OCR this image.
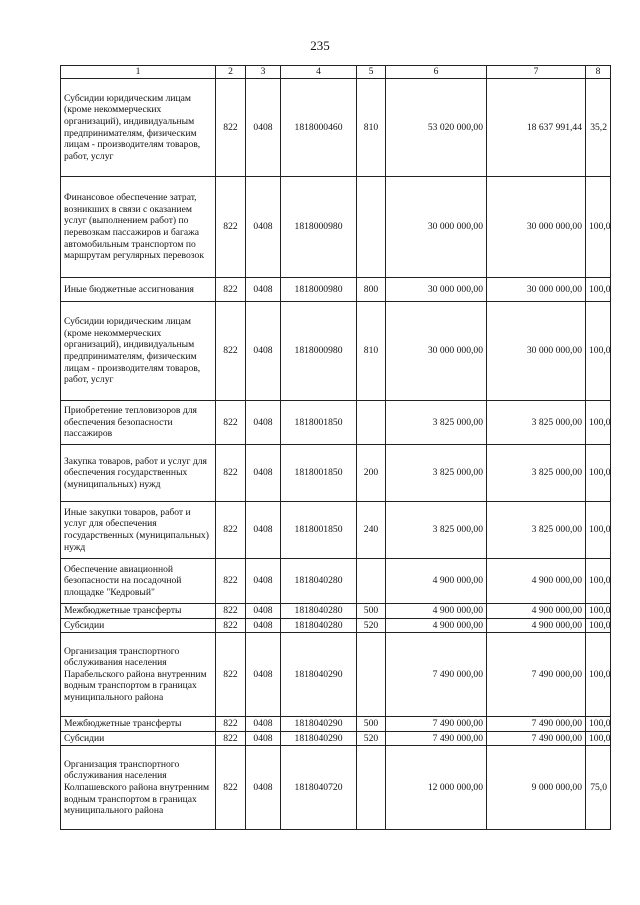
235
1	2	3	4	5	6	7	8
Субсидии юридическим лицам (кроме некоммерческих организаций), индивидуальным предпринимателям, физическим лицам - производителям товаров, работ, услуг	822	0408	1818000460	810	53 020 000,00	18 637 991,44	35,2
Финансовое обеспечение затрат, возникших в связи с оказанием услуг (выполнением работ) по перевозкам пассажиров и багажа автомобильным транспортом по маршрутам регулярных перевозок	822	0408	1818000980		30 000 000,00	30 000 000,00	100,0
Иные бюджетные ассигнования	822	0408	1818000980	800	30 000 000,00	30 000 000,00	100,0
Субсидии юридическим лицам (кроме некоммерческих организаций), индивидуальным предпринимателям, физическим лицам - производителям товаров, работ, услуг	822	0408	1818000980	810	30 000 000,00	30 000 000,00	100,0
Приобретение тепловизоров для обеспечения безопасности пассажиров	822	0408	1818001850		3 825 000,00	3 825 000,00	100,0
Закупка товаров, работ и услуг для обеспечения государственных (муниципальных) нужд	822	0408	1818001850	200	3 825 000,00	3 825 000,00	100,0
Иные закупки товаров, работ и услуг для обеспечения государственных (муниципальных) нужд	822	0408	1818001850	240	3 825 000,00	3 825 000,00	100,0
Обеспечение авиационной безопасности на посадочной площадке "Кедровый"	822	0408	1818040280		4 900 000,00	4 900 000,00	100,0
Межбюджетные трансферты	822	0408	1818040280	500	4 900 000,00	4 900 000,00	100,0
Субсидии	822	0408	1818040280	520	4 900 000,00	4 900 000,00	100,0
Организация транспортного обслуживания населения Парабельского района внутренним водным транспортом в границах муниципального района	822	0408	1818040290		7 490 000,00	7 490 000,00	100,0
Межбюджетные трансферты	822	0408	1818040290	500	7 490 000,00	7 490 000,00	100,0
Субсидии	822	0408	1818040290	520	7 490 000,00	7 490 000,00	100,0
Организация транспортного обслуживания населения Колпашевского района внутренним водным транспортом в границах муниципального района	822	0408	1818040720		12 000 000,00	9 000 000,00	75,0
